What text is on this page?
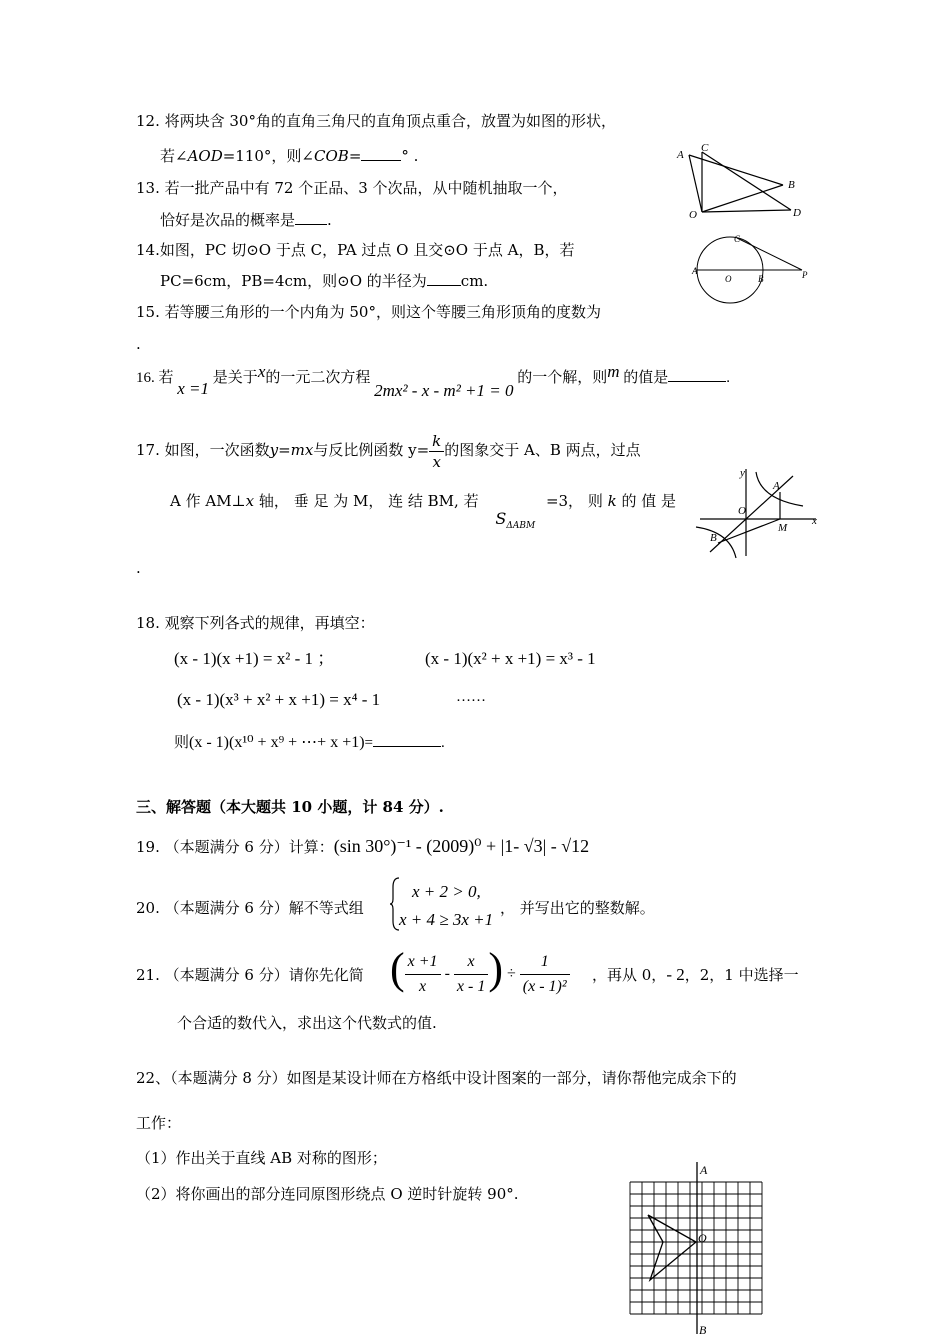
12. 将两块含 30°角的直角三角尺的直角顶点重合，放置为如图的形状，
若∠AOD=110°，则∠COB=	° .	A
C
B
O	D
13. 若一批产品中有 72 个正品、3 个次品，从中随机抽取一个，
恰好是次品的概率是 .
14.如图，PC 切⊙O 于点 C，PA 过点 O 且交⊙O 于点 A，B，若
PC=6cm，PB=4cm，则⊙O 的半径为 cm.
C
A
O	B	P
15. 若等腰三角形的一个内角为 50°，则这个等腰三角形顶角的度数为
.
16. 若 x =1 是关于x的一元二次方程 2mx² - x - m² +1 = 0 的一个解，则m 的值是	.
17. 如图，一次函数y=mx与反比例函数 $y= \frac{k}{x}$ 的图象交于 A、B 两点，过点
A 作 AM⊥x 轴， 垂 足 为 M， 连 结 BM, 若 $S_{\Delta ABM} =3$， 则 k 的 值 是
.
y
A
O
M
x
B
18. 观察下列各式的规律，再填空：
(x - 1)(x +1) = x² - 1 ；	(x - 1)(x² + x +1) = x³ - 1
(x - 1)(x³ + x² + x +1) = x⁴ - 1	……
则(x - 1)(x¹⁰ + x⁹ + ⋯+ x +1)=	.
三、解答题（本大题共 10 小题，计 84 分）.
19. （本题满分 6 分）计算：(sin 30°)⁻¹ - (2009)⁰ + |1- √3| - √12
20. （本题满分 6 分）解不等式组
x + 2 > 0,
x + 4 ≥ 3x +1
， 并写出它的整数解。
21. （本题满分 6 分）请你先化简 ( $\frac{x +1}{x} - \frac{x}{x - 1}$ ) ÷ $\frac{1}{\text{(x - 1)²}}$ ，再从 0，- 2，2，1 中选择一
个合适的数代入，求出这个代数式的值.
22、（本题满分 8 分）如图是某设计师在方格纸中设计图案的一部分，请你帮他完成余下的
工作：
（1）作出关于直线 AB 对称的图形；
（2）将你画出的部分连同原图形绕点 O 逆时针旋转 90°.
A
O
B
